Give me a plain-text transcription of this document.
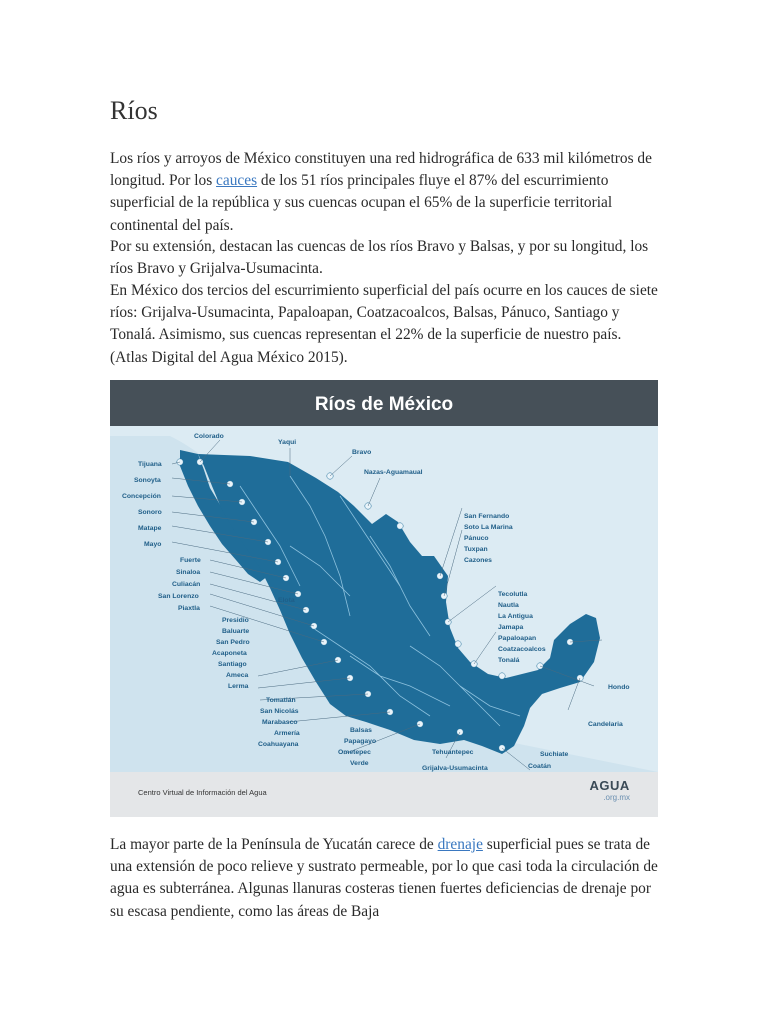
Ríos

Los ríos y arroyos de México constituyen una red hidrográfica de 633 mil kilómetros de longitud. Por los cauces de los 51 ríos principales fluye el 87% del escurrimiento superficial de la república y sus cuencas ocupan el 65% de la superficie territorial continental del país.

Por su extensión, destacan las cuencas de los ríos Bravo y Balsas, y por su longitud, los ríos Bravo y Grijalva-Usumacinta.

En México dos tercios del escurrimiento superficial del país ocurre en los cauces de siete ríos: Grijalva-Usumacinta, Papaloapan, Coatzacoalcos, Balsas, Pánuco, Santiago y Tonalá. Asimismo, sus cuencas representan el 22% de la superficie de nuestro país. (Atlas Digital del Agua México 2015).

Ríos de México
Colorado
Yaqui
Bravo
Nazas-Aguamaual
Tijuana
Sonoyta
Concepción
Sonoro
Matape
Mayo
Fuerte
Sinaloa
Culiacán
San Lorenzo
Piaxtla
Elota
Presidio
Baluarte
San Pedro
Acaponeta
Santiago
Ameca
Lerma
Tomatlán
San Nicolás
Marabasco
Armería
Coahuayana
Balsas
Papagayo
Ometepec
Verde
Tehuantepec
Grijalva-Usumacinta
San Fernando
Soto La Marina
Pánuco
Tuxpan
Cazones
Tecolutla
Nautla
La Antigua
Jamapa
Papaloapan
Coatzacoalcos
Tonalá
Hondo
Candelaria
Suchiate
Coatán
Centro Virtual de Información del Agua	AGUA
.org.mx

La mayor parte de la Península de Yucatán carece de drenaje superficial pues se trata de una extensión de poco relieve y sustrato permeable, por lo que casi toda la circulación de agua es subterránea. Algunas llanuras costeras tienen fuertes deficiencias de drenaje por su escasa pendiente, como las áreas de Baja
